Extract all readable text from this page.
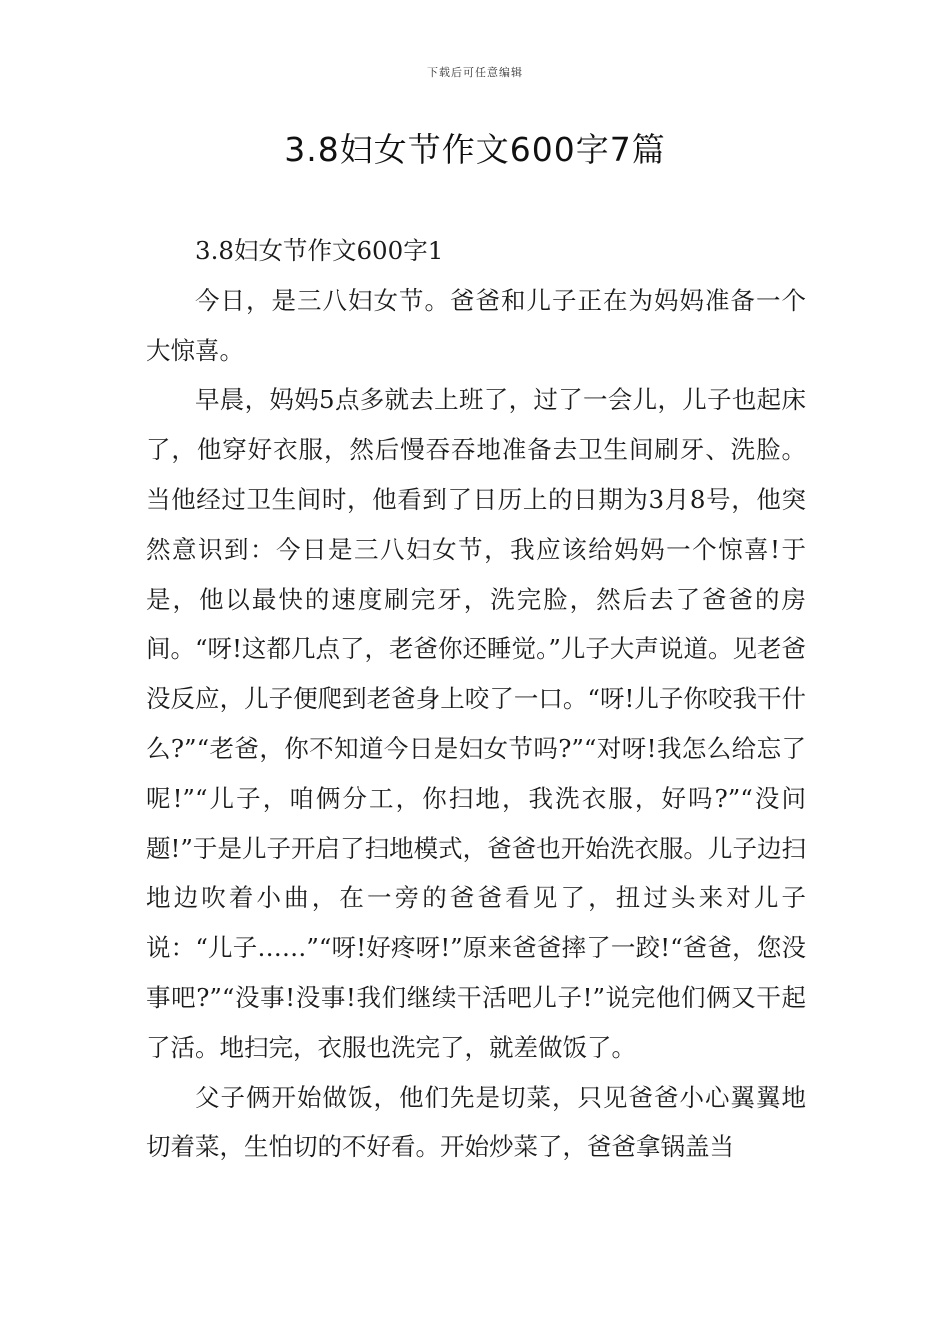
下载后可任意编辑
3.8妇女节作文600字7篇

3.8妇女节作文600字1

今日，是三八妇女节。爸爸和儿子正在为妈妈准备一个大惊喜。

早晨，妈妈5点多就去上班了，过了一会儿，儿子也起床了，他穿好衣服，然后慢吞吞地准备去卫生间刷牙、洗脸。当他经过卫生间时，他看到了日历上的日期为3月8号，他突然意识到：今日是三八妇女节，我应该给妈妈一个惊喜!于是，他以最快的速度刷完牙，洗完脸，然后去了爸爸的房间。“呀!这都几点了，老爸你还睡觉。”儿子大声说道。见老爸没反应，儿子便爬到老爸身上咬了一口。“呀!儿子你咬我干什么?”“老爸，你不知道今日是妇女节吗?”“对呀!我怎么给忘了呢!”“儿子，咱俩分工，你扫地，我洗衣服，好吗?”“没问题!”于是儿子开启了扫地模式，爸爸也开始洗衣服。儿子边扫地边吹着小曲，在一旁的爸爸看见了，扭过头来对儿子说：“儿子……”“呀!好疼呀!”原来爸爸摔了一跤!“爸爸，您没事吧?”“没事!没事!我们继续干活吧儿子!”说完他们俩又干起了活。地扫完，衣服也洗完了，就差做饭了。

父子俩开始做饭，他们先是切菜，只见爸爸小心翼翼地切着菜，生怕切的不好看。开始炒菜了，爸爸拿锅盖当
